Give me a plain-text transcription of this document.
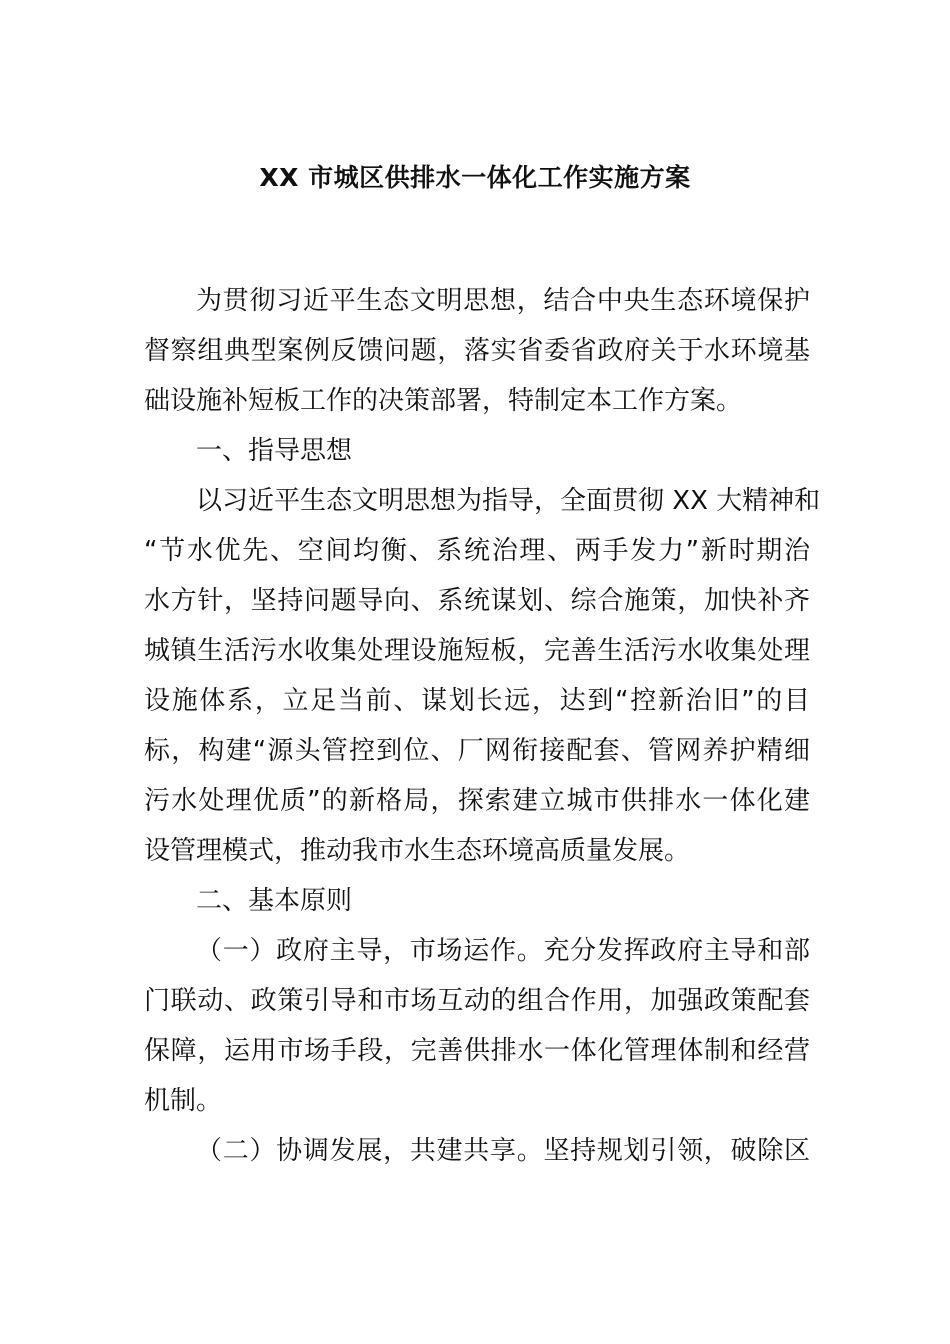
XX 市城区供排水一体化工作实施方案
为贯彻习近平生态文明思想，结合中央生态环境保护
督察组典型案例反馈问题，落实省委省政府关于水环境基
础设施补短板工作的决策部署，特制定本工作方案。
一、指导思想
以习近平生态文明思想为指导，全面贯彻 XX 大精神和
“节水优先、空间均衡、系统治理、两手发力”新时期治
水方针，坚持问题导向、系统谋划、综合施策，加快补齐
城镇生活污水收集处理设施短板，完善生活污水收集处理
设施体系，立足当前、谋划长远，达到“控新治旧”的目
标，构建“源头管控到位、厂网衔接配套、管网养护精细
污水处理优质”的新格局，探索建立城市供排水一体化建
设管理模式，推动我市水生态环境高质量发展。
二、基本原则
（一）政府主导，市场运作。充分发挥政府主导和部
门联动、政策引导和市场互动的组合作用，加强政策配套
保障，运用市场手段，完善供排水一体化管理体制和经营
机制。
（二）协调发展，共建共享。坚持规划引领，破除区
